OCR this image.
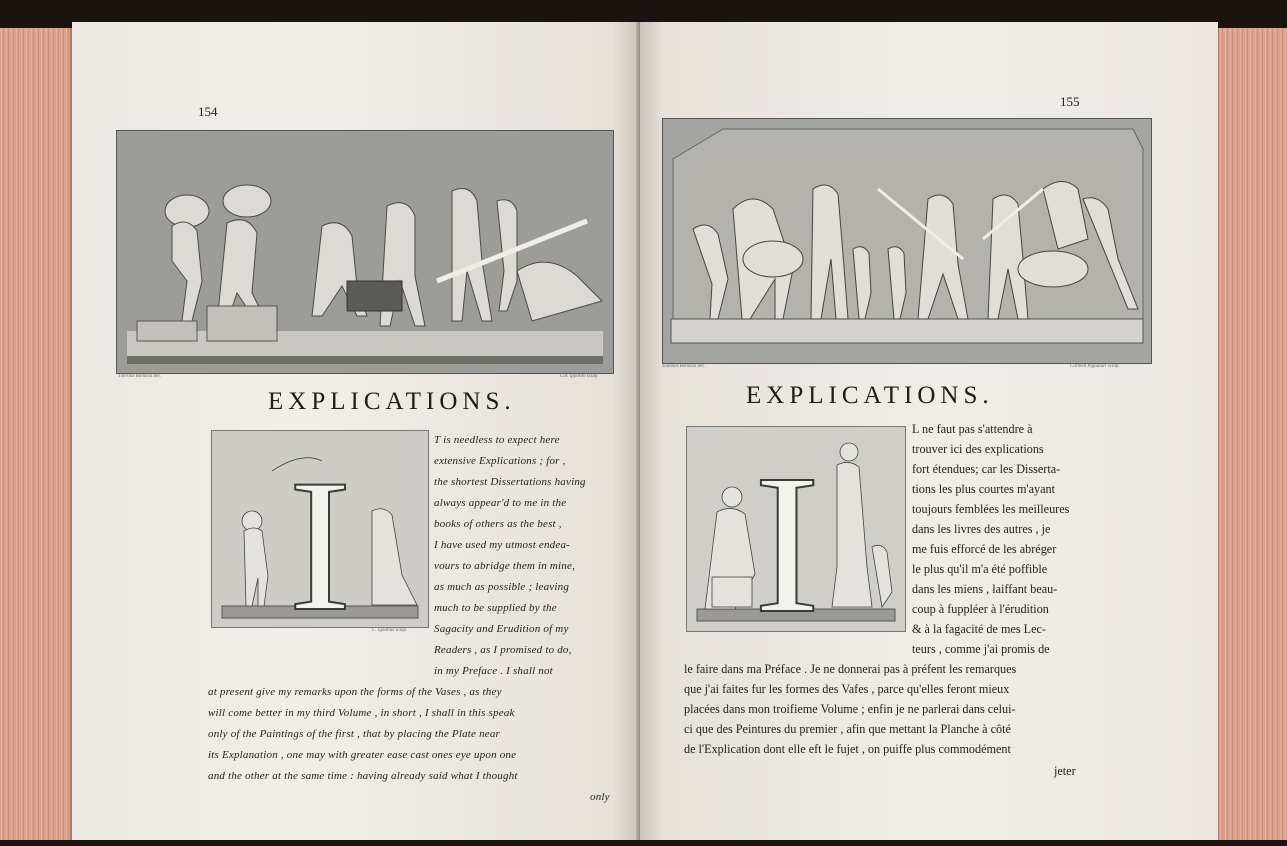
154
Tiberius Bonavia del.	Car. Ippolito sculp.
EXPLICATIONS.
I	C. Ignatius sculp.
T is needless to expect here
extensive Explications ; for ,
the shortest Dissertations having
always appear'd to me in the
books of others as the best ,
I have used my utmost endea-
vours to abridge them in mine,
as much as possible ; leaving
much to be supplied by the
Sagacity and Erudition of my
Readers , as I promised to do,
in my Preface . I shall not
at present give my remarks upon the forms of the Vases , as they
will come better in my third Volume , in short , I shall in this speak
only of the Paintings of the first , that by placing the Plate near
its Explanation , one may with greater ease cast ones eye upon one
and the other at the same time : having already said what I thought
only
155
Joannes Bonavia del.	Carmen Pignatari sculp.
EXPLICATIONS.
I
L ne faut pas s'attendre à
trouver ici des explications
fort étendues; car les Disserta-
tions les plus courtes m'ayant
toujours femblées les meilleures
dans les livres des autres , je
me fuis efforcé de les abréger
le plus qu'il m'a été poffible
dans les miens , laiffant beau-
coup à fuppléer à l'érudition
& à la fagacité de mes Lec-
teurs , comme j'ai promis de
le faire dans ma Préface . Je ne donnerai pas à préfent les remarques
que j'ai faites fur les formes des Vafes , parce qu'elles feront mieux
placées dans mon troifieme Volume ; enfin je ne parlerai dans celui-
ci que des Peintures du premier , afin que mettant la Planche à côté
de l'Explication dont elle eft le fujet , on puiffe plus commodément
jeter
